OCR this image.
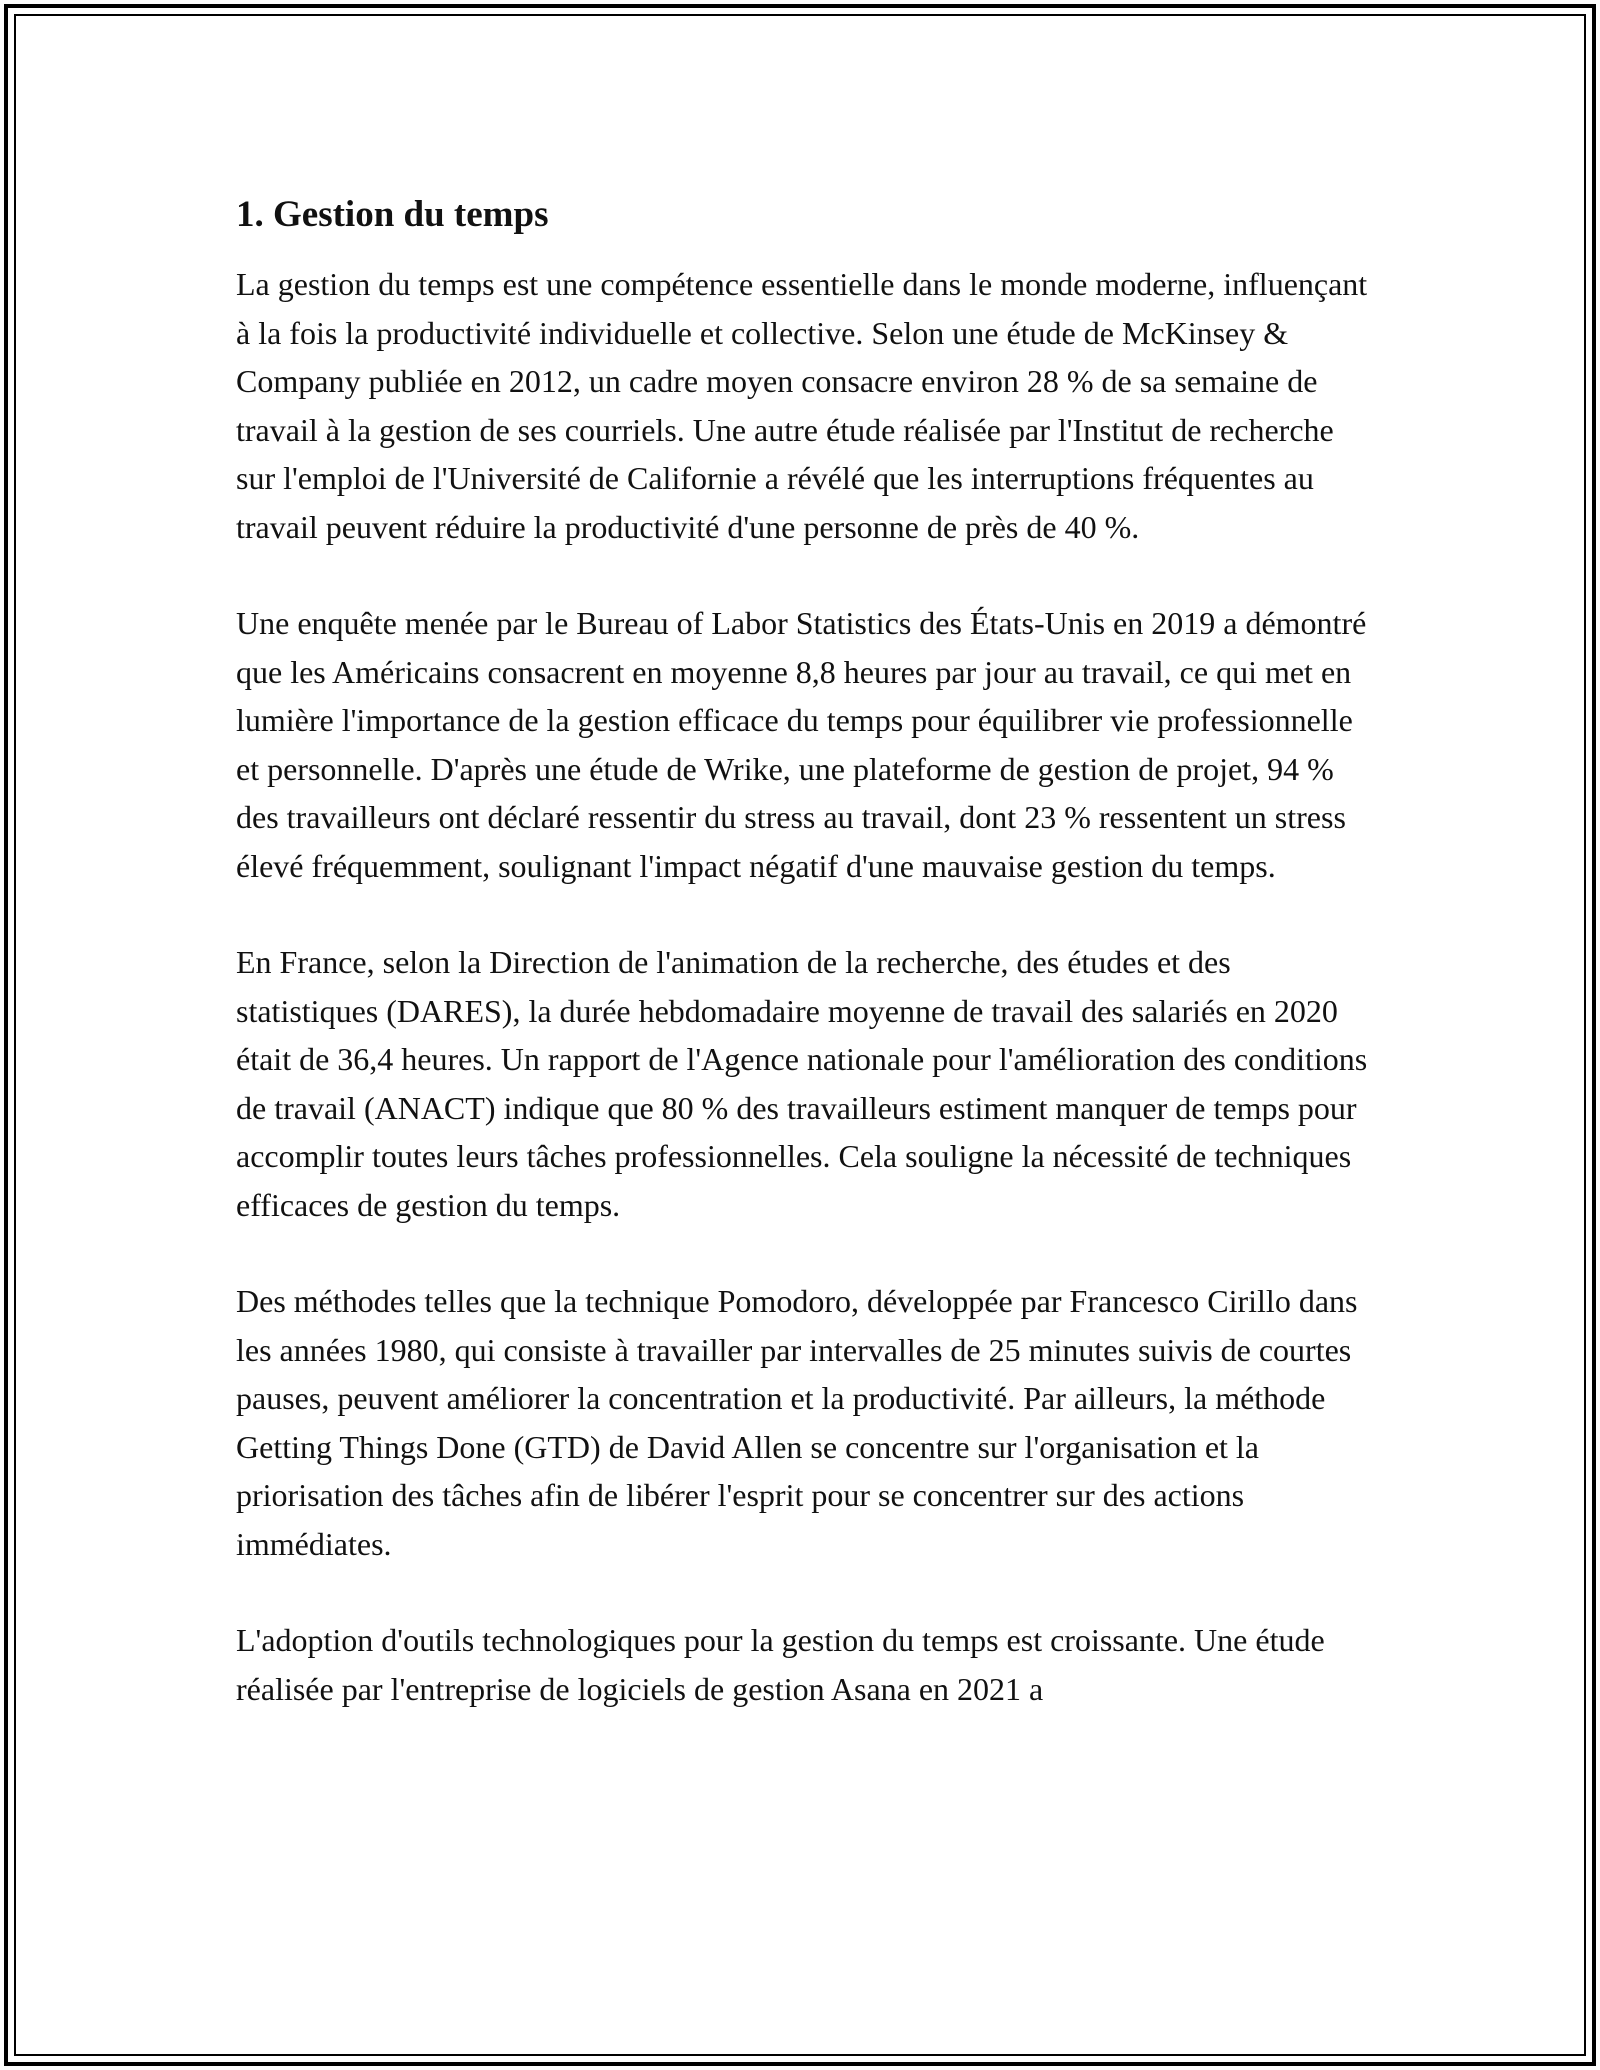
1. Gestion du temps

La gestion du temps est une compétence essentielle dans le monde moderne, influençant à la fois la productivité individuelle et collective. Selon une étude de McKinsey & Company publiée en 2012, un cadre moyen consacre environ 28 % de sa semaine de travail à la gestion de ses courriels. Une autre étude réalisée par l'Institut de recherche sur l'emploi de l'Université de Californie a révélé que les interruptions fréquentes au travail peuvent réduire la productivité d'une personne de près de 40 %.

Une enquête menée par le Bureau of Labor Statistics des États-Unis en 2019 a démontré que les Américains consacrent en moyenne 8,8 heures par jour au travail, ce qui met en lumière l'importance de la gestion efficace du temps pour équilibrer vie professionnelle et personnelle. D'après une étude de Wrike, une plateforme de gestion de projet, 94 % des travailleurs ont déclaré ressentir du stress au travail, dont 23 % ressentent un stress élevé fréquemment, soulignant l'impact négatif d'une mauvaise gestion du temps.

En France, selon la Direction de l'animation de la recherche, des études et des statistiques (DARES), la durée hebdomadaire moyenne de travail des salariés en 2020 était de 36,4 heures. Un rapport de l'Agence nationale pour l'amélioration des conditions de travail (ANACT) indique que 80 % des travailleurs estiment manquer de temps pour accomplir toutes leurs tâches professionnelles. Cela souligne la nécessité de techniques efficaces de gestion du temps.

Des méthodes telles que la technique Pomodoro, développée par Francesco Cirillo dans les années 1980, qui consiste à travailler par intervalles de 25 minutes suivis de courtes pauses, peuvent améliorer la concentration et la productivité. Par ailleurs, la méthode Getting Things Done (GTD) de David Allen se concentre sur l'organisation et la priorisation des tâches afin de libérer l'esprit pour se concentrer sur des actions immédiates.

L'adoption d'outils technologiques pour la gestion du temps est croissante. Une étude réalisée par l'entreprise de logiciels de gestion Asana en 2021 a
